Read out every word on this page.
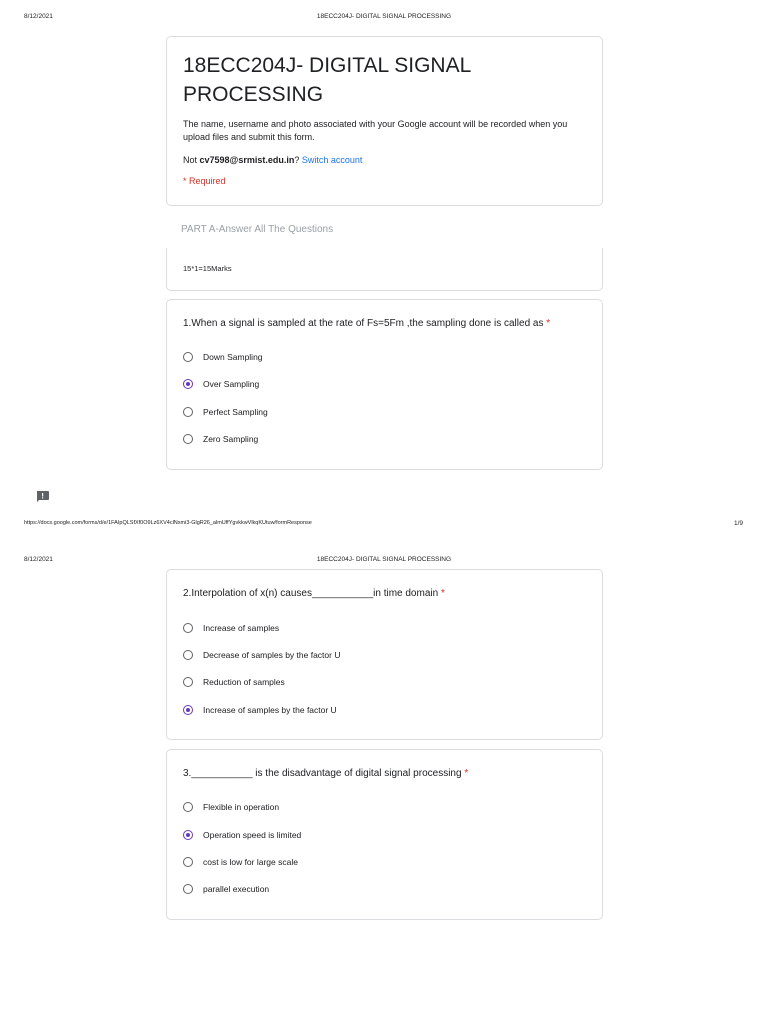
8/12/2021	18ECC204J- DIGITAL SIGNAL PROCESSING
18ECC204J- DIGITAL SIGNAL PROCESSING
The name, username and photo associated with your Google account will be recorded when you upload files and submit this form.
Not cv7598@srmist.edu.in? Switch account
* Required
PART A-Answer All The Questions
15*1=15Marks
1.When a signal is sampled at the rate of Fs=5Fm ,the sampling done is called as *
Down Sampling
Over Sampling
Perfect Sampling
Zero Sampling
https://docs.google.com/forms/d/e/1FAIpQLSfXf0O9Lz6XV4clNxmi3-GlgR26_almUffYgvkkwVlkqKUtuw/formResponse	1/9
8/12/2021	18ECC204J- DIGITAL SIGNAL PROCESSING
2.Interpolation of x(n) causes___________in time domain *
Increase of samples
Decrease of samples by the factor U
Reduction of samples
Increase of samples by the factor U
3.___________ is the disadvantage of digital signal processing *
Flexible in operation
Operation speed is limited
cost is low for large scale
parallel execution
